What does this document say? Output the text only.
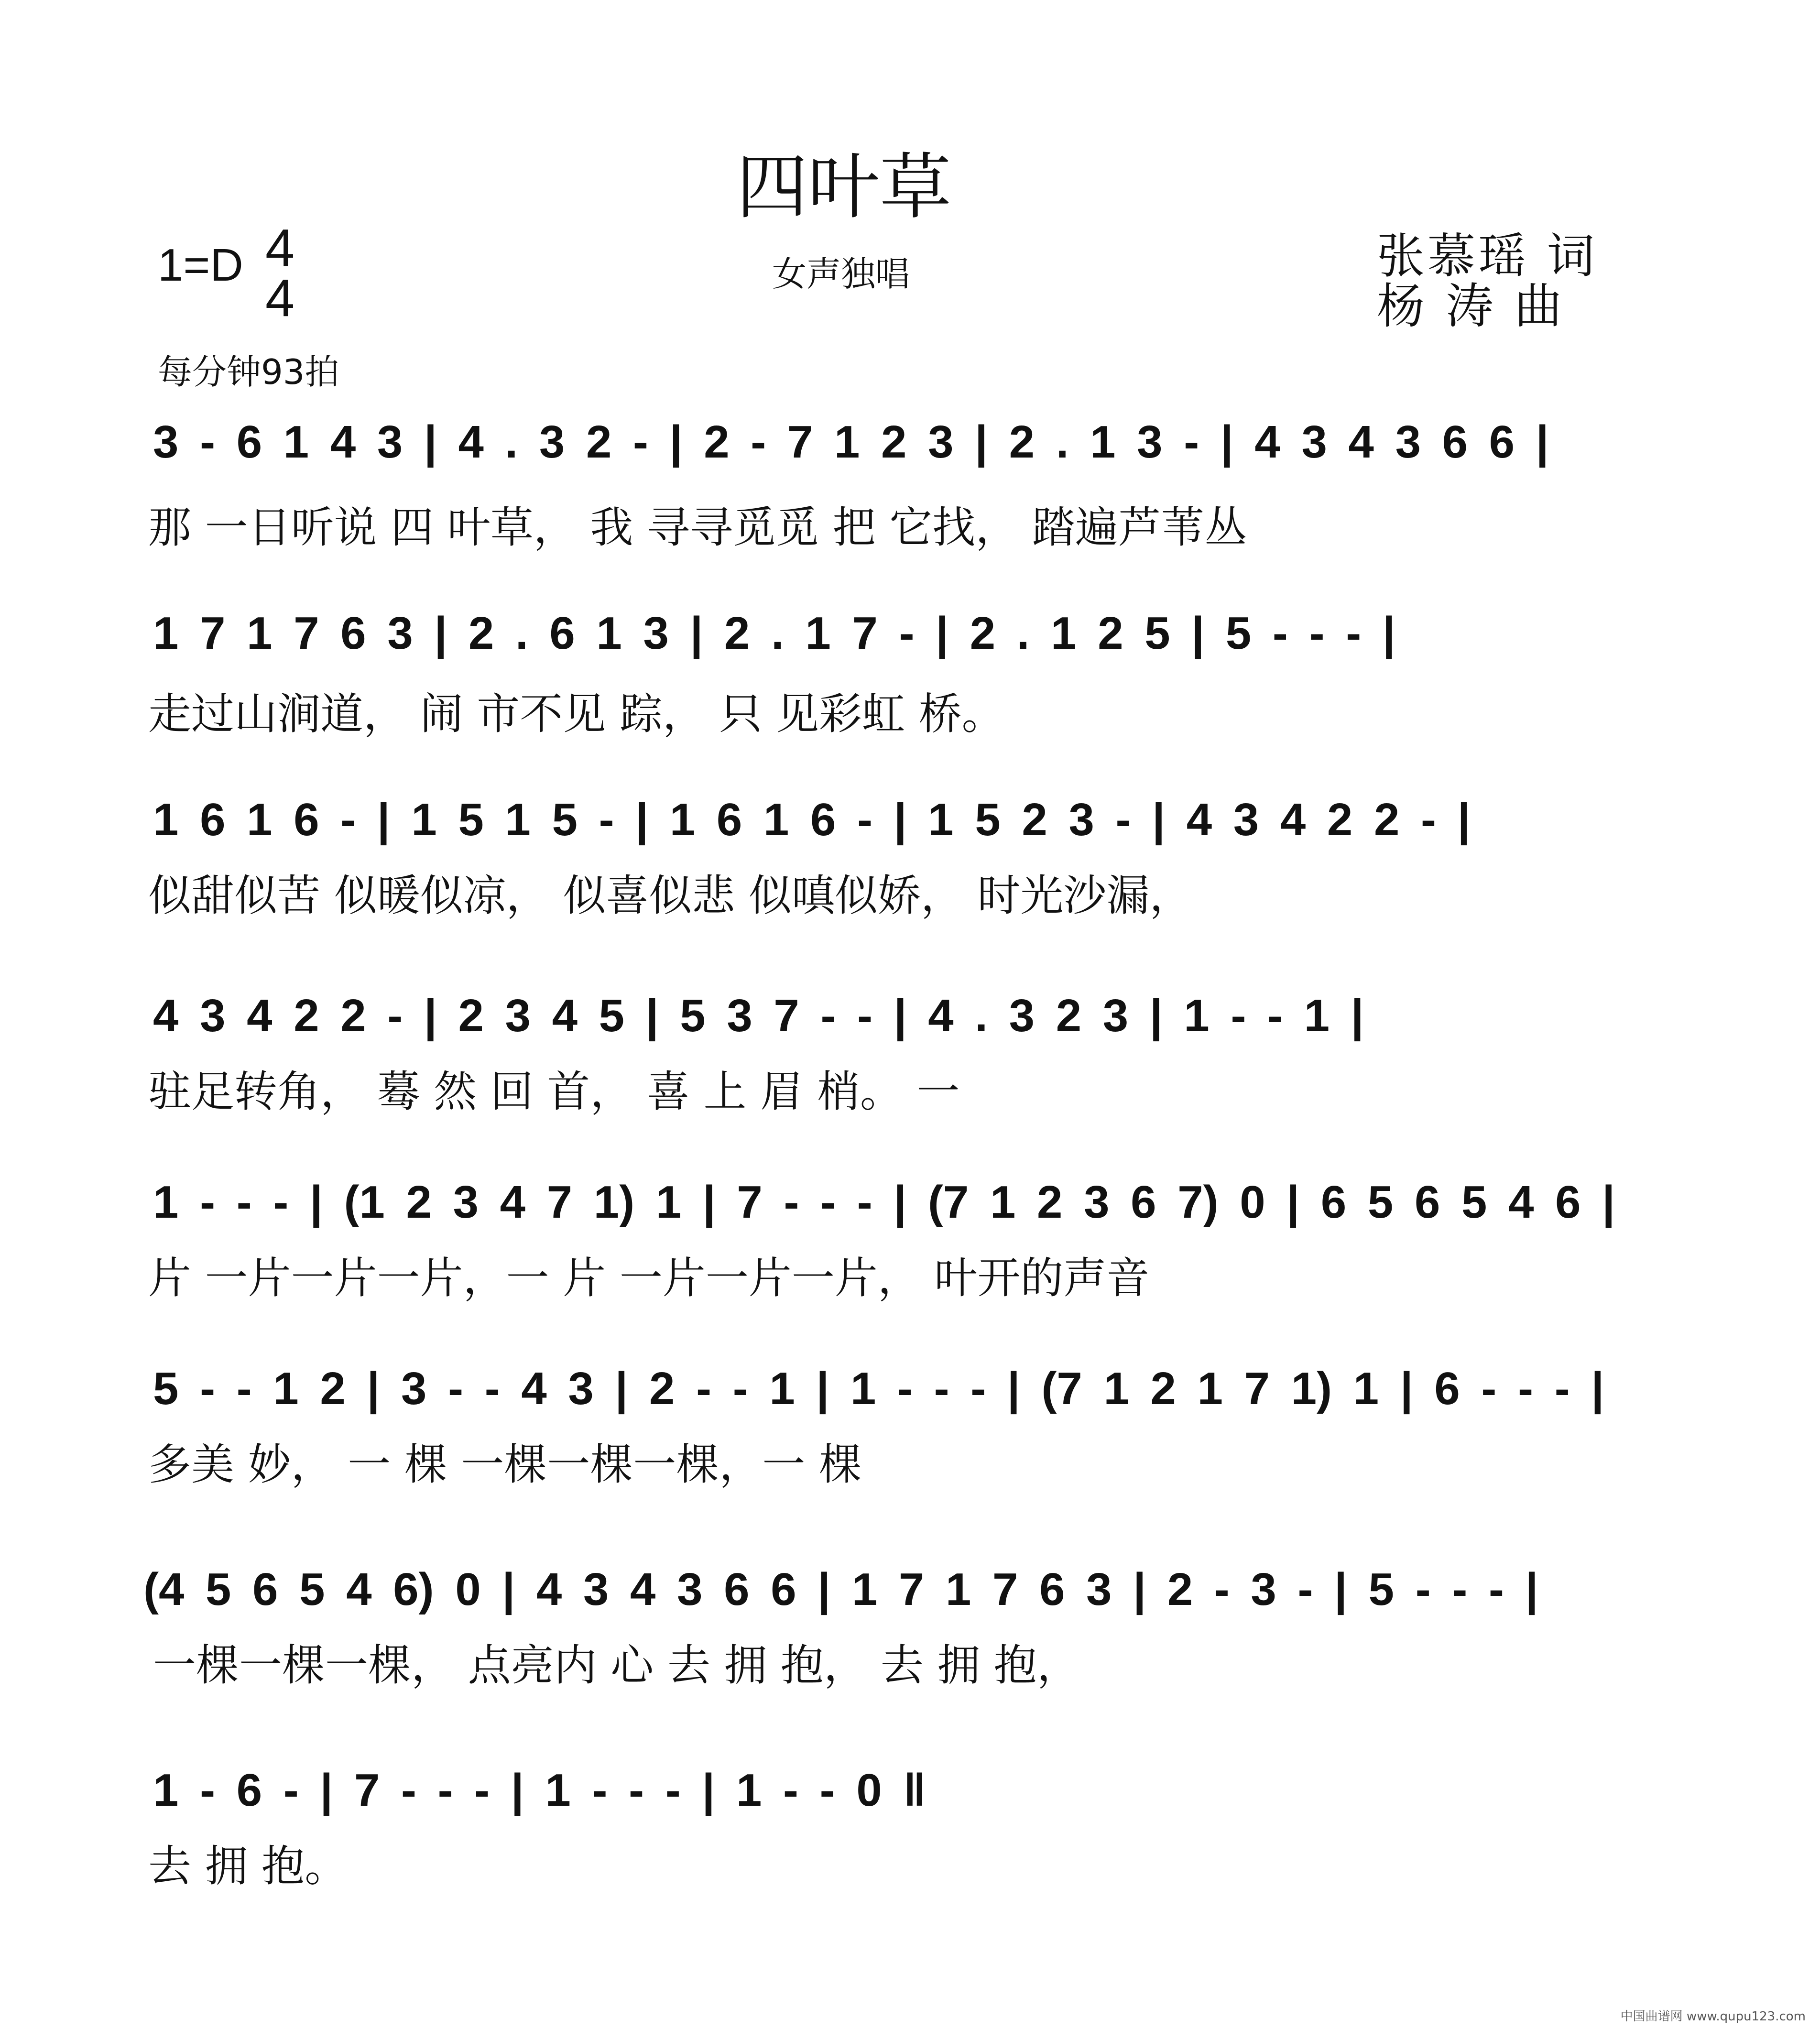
四叶草
1=D 4
4	女声独唱	张慕瑶 词
杨 涛 曲
每分钟93拍
3 - 6 1 4 3 | 4 . 3 2 - | 2 - 7 1 2 3 | 2 . 1 3 - | 4 3 4 3 6 6 |
那 一日听说 四 叶草， 我 寻寻觅觅 把 它找， 踏遍芦苇丛
1 7 1 7 6 3 | 2 . 6 1 3 | 2 . 1 7 - | 2 . 1 2 5 | 5 - - - |
走过山涧道， 闹 市不见 踪， 只 见彩虹 桥。
1 6 1 6 - | 1 5 1 5 - | 1 6 1 6 - | 1 5 2 3 - | 4 3 4 2 2 - |
似甜似苦 似暖似凉， 似喜似悲 似嗔似娇， 时光沙漏，
4 3 4 2 2 - | 2 3 4 5 | 5 3 7 - - | 4 . 3 2 3 | 1 - - 1 |
驻足转角， 蓦 然 回 首， 喜 上 眉 梢。 一
1 - - - | (1 2 3 4 7 1) 1 | 7 - - - | (7 1 2 3 6 7) 0 | 6 5 6 5 4 6 |
片 一片一片一片，一 片 一片一片一片， 叶开的声音
5 - - 1 2 | 3 - - 4 3 | 2 - - 1 | 1 - - - | (7 1 2 1 7 1) 1 | 6 - - - |
多美 妙， 一 棵 一棵一棵一棵，一 棵
(4 5 6 5 4 6) 0 | 4 3 4 3 6 6 | 1 7 1 7 6 3 | 2 - 3 - | 5 - - - |
一棵一棵一棵， 点亮内 心 去 拥 抱， 去 拥 抱，
1 - 6 - | 7 - - - | 1 - - - | 1 - - 0 ‖
去 拥 抱。
中国曲谱网 www.qupu123.com
